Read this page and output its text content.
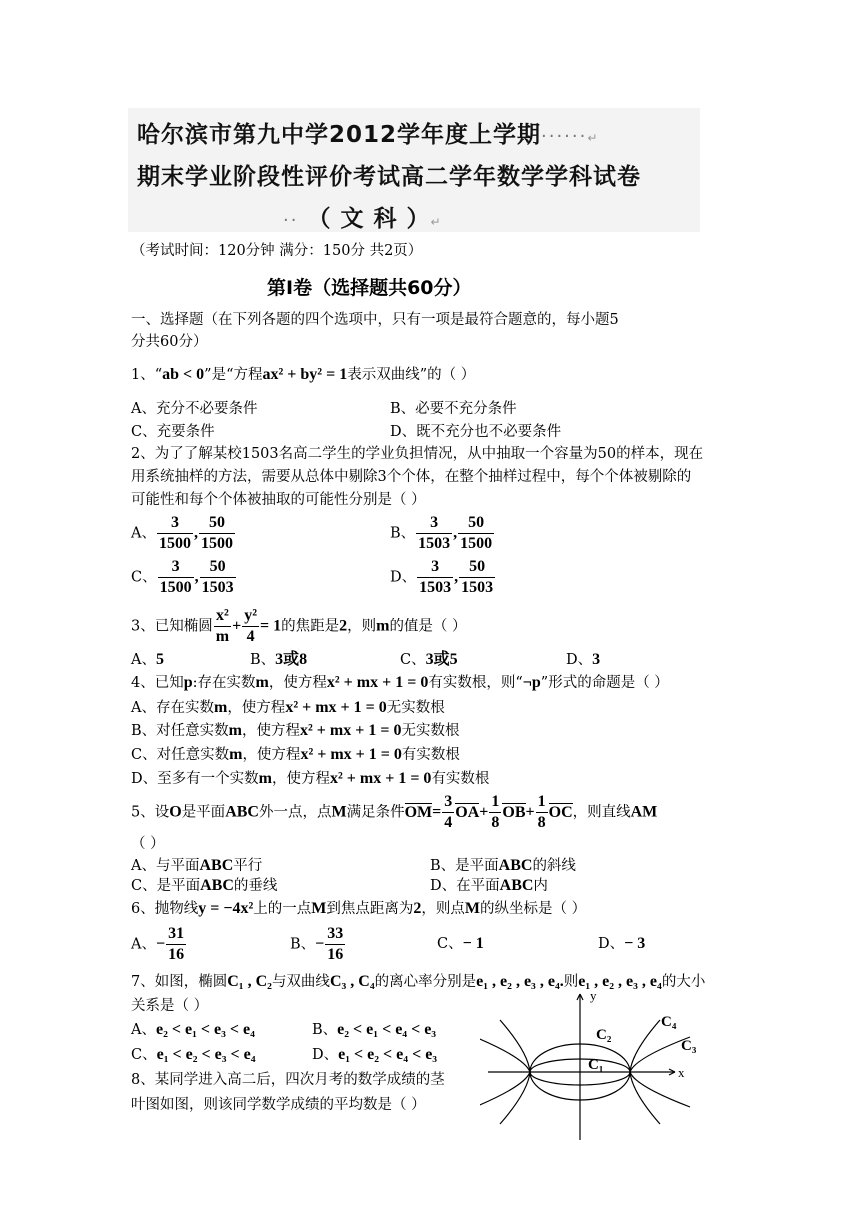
哈尔滨市第九中学2012学年度上学期······↵
期末学业阶段性评价考试高二学年数学学科试卷
·· （ 文 科 ）↵
（考试时间：120分钟 满分：150分 共2页）
第Ⅰ卷（选择题共60分）
一、选择题（在下列各题的四个选项中，只有一项是最符合题意的，每小题5
分共60分）
1、“ab < 0”是“方程ax² + by² = 1表示双曲线”的（ ）
A、充分不必要条件	B、必要不充分条件
C、充要条件	D、既不充分也不必要条件
2、为了了解某校1503名高二学生的学业负担情况，从中抽取一个容量为50的样本，现在
用系统抽样的方法，需要从总体中剔除3个个体，在整个抽样过程中，每个个体被剔除的
可能性和每个个体被抽取的可能性分别是（ ）
A、 $\frac{3}{1500}$ , $\frac{50}{1500}$	B、 $\frac{3}{1503}$ , $\frac{50}{1500}$
C、 $\frac{3}{1500}$ , $\frac{50}{1503}$	D、 $\frac{3}{1503}$ , $\frac{50}{1503}$
3、已知椭圆 $\frac{\text{x²}}{m} + \frac{\text{y²}}{4} = 1$的焦距是2，则m的值是（ ）
A、5	B、3或8	C、3或5	D、3
4、已知p:存在实数m，使方程x² + mx + 1 = 0有实数根，则“¬p”形式的命题是（ ）
A、存在实数m，使方程x² + mx + 1 = 0无实数根
B、对任意实数m，使方程x² + mx + 1 = 0无实数根
C、对任意实数m，使方程x² + mx + 1 = 0有实数根
D、至多有一个实数m，使方程x² + mx + 1 = 0有实数根
5、设O是平面ABC外一点，点M满足条件$OM= \frac{3}{4} OA+ \frac{1}{8} OB+ \frac{1}{8}$ OC，则直线AM
（ ）
A、与平面ABC平行	B、是平面ABC的斜线
C、是平面ABC的垂线	D、在平面ABC内
6、抛物线y = −4x²上的一点M到焦点距离为2，则点M的纵坐标是（ ）
A、− $\frac{31}{16}$	B、− $\frac{33}{16}$	C、− 1	D、− 3
7、如图，椭圆C₁ , C₂与双曲线C₃ , C₄的离心率分别是e₁ , e₂ , e₃ , e₄.则e₁ , e₂ , e₃ , e₄的大小
关系是（ ）
A、e₂ < e₁ < e₃ < e₄	B、e₂ < e₁ < e₄ < e₃
C、e₁ < e₂ < e₃ < e₄	D、e₁ < e₂ < e₄ < e₃
8、某同学进入高二后，四次月考的数学成绩的茎
叶图如图，则该同学数学成绩的平均数是（ ）
y
x
C₁
C₂
C₃
C₄
